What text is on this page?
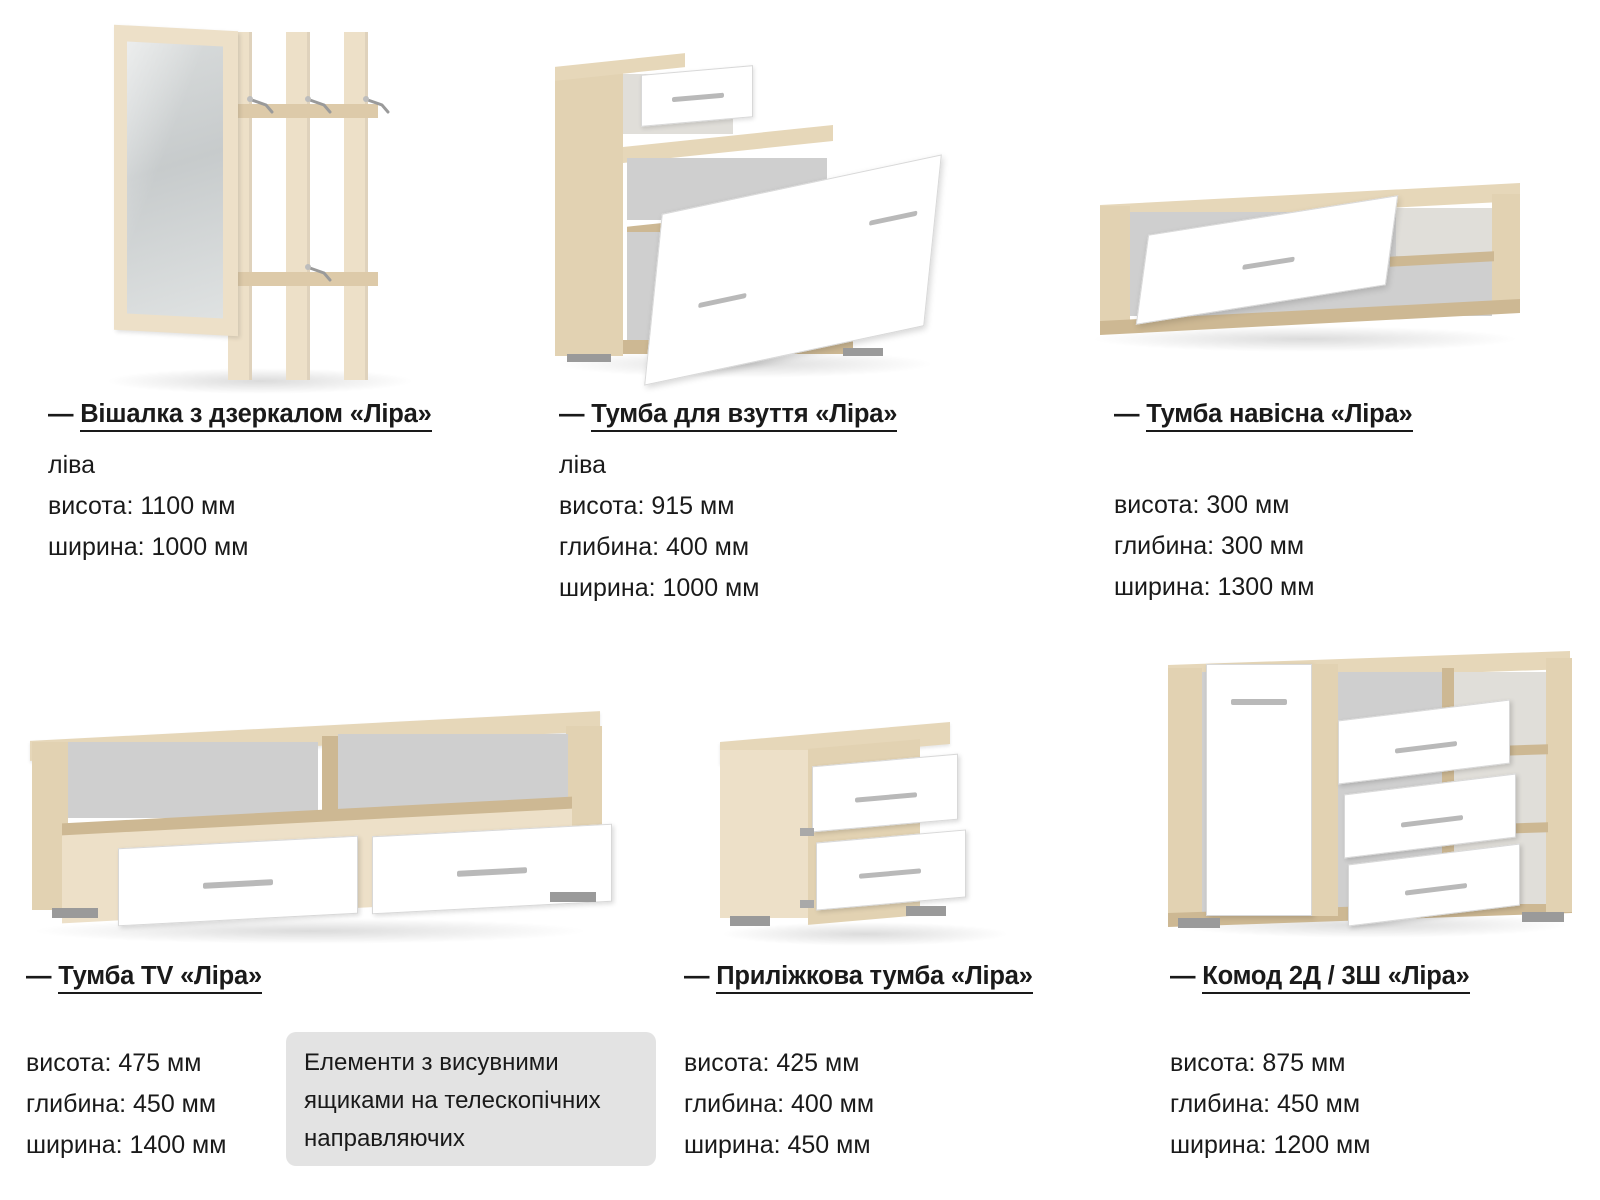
— Вішалка з дзеркалом «Ліра»
ліва
висота: 1100 мм
ширина: 1000 мм
— Тумба для взуття «Ліра»
ліва
висота: 915 мм
глибина: 400 мм
ширина: 1000 мм
— Тумба навісна «Ліра»
висота: 300 мм
глибина: 300 мм
ширина: 1300 мм
— Тумба TV «Ліра»
висота: 475 мм
глибина: 450 мм
ширина: 1400 мм
— Приліжкова тумба «Ліра»
висота: 425 мм
глибина: 400 мм
ширина: 450 мм
— Комод 2Д / 3Ш «Ліра»
висота: 875 мм
глибина: 450 мм
ширина: 1200 мм
Елементи з висувними ящиками на телескопічних направляючих
